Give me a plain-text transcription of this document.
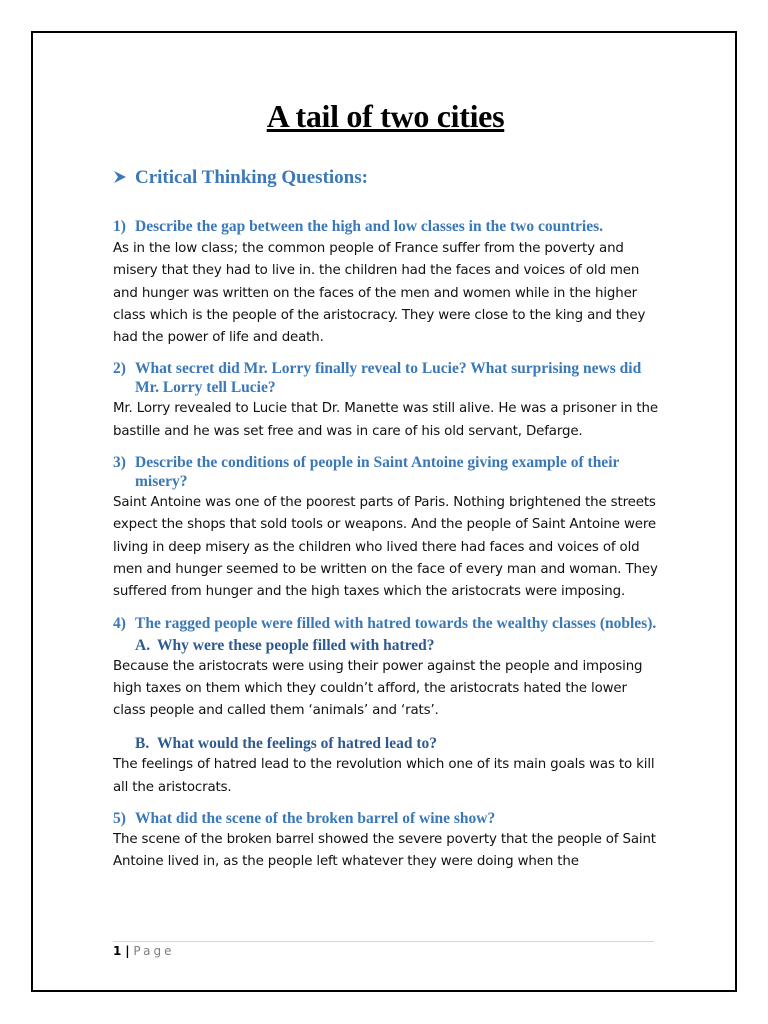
A tail of two cities
Critical Thinking Questions:

1) Describe the gap between the high and low classes in the two countries.

As in the low class; the common people of France suffer from the poverty and misery that they had to live in. the children had the faces and voices of old men and hunger was written on the faces of the men and women while in the higher class which is the people of the aristocracy. They were close to the king and they had the power of life and death.

2) What secret did Mr. Lorry finally reveal to Lucie? What surprising news did Mr. Lorry tell Lucie?

Mr. Lorry revealed to Lucie that Dr. Manette was still alive. He was a prisoner in the bastille and he was set free and was in care of his old servant, Defarge.

3) Describe the conditions of people in Saint Antoine giving example of their misery?

Saint Antoine was one of the poorest parts of Paris. Nothing brightened the streets expect the shops that sold tools or weapons. And the people of Saint Antoine were living in deep misery as the children who lived there had faces and voices of old men and hunger seemed to be written on the face of every man and woman. They suffered from hunger and the high taxes which the aristocrats were imposing.

4) The ragged people were filled with hatred towards the wealthy classes (nobles).

A. Why were these people filled with hatred?

Because the aristocrats were using their power against the people and imposing high taxes on them which they couldn’t afford, the aristocrats hated the lower class people and called them ‘animals’ and ‘rats’.

B. What would the feelings of hatred lead to?

The feelings of hatred lead to the revolution which one of its main goals was to kill all the aristocrats.

5) What did the scene of the broken barrel of wine show?

The scene of the broken barrel showed the severe poverty that the people of Saint Antoine lived in, as the people left whatever they were doing when the

1 | Page
